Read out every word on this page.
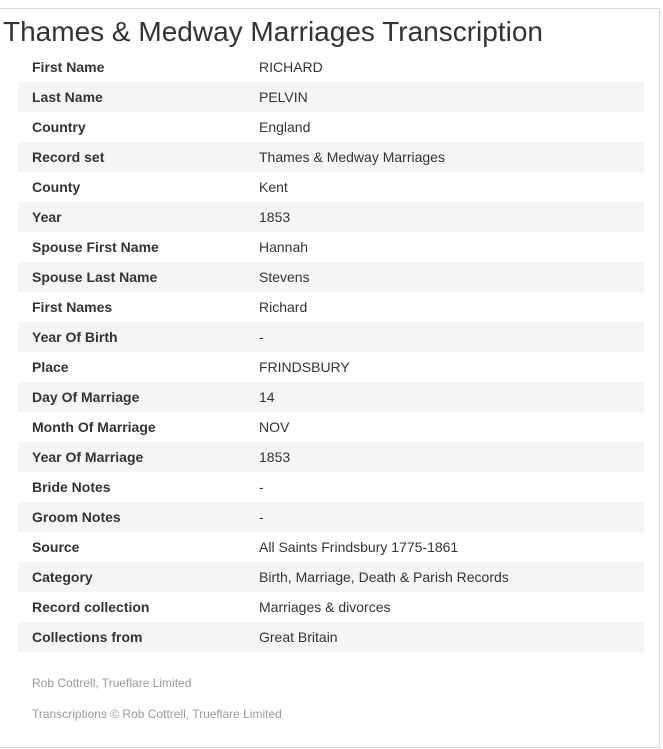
Thames & Medway Marriages Transcription
First Name	RICHARD
Last Name	PELVIN
Country	England
Record set	Thames & Medway Marriages
County	Kent
Year	1853
Spouse First Name	Hannah
Spouse Last Name	Stevens
First Names	Richard
Year Of Birth	-
Place	FRINDSBURY
Day Of Marriage	14
Month Of Marriage	NOV
Year Of Marriage	1853
Bride Notes	-
Groom Notes	-
Source	All Saints Frindsbury 1775-1861
Category	Birth, Marriage, Death & Parish Records
Record collection	Marriages & divorces
Collections from	Great Britain
Rob Cottrell, Trueflare Limited
Transcriptions © Rob Cottrell, Trueflare Limited
